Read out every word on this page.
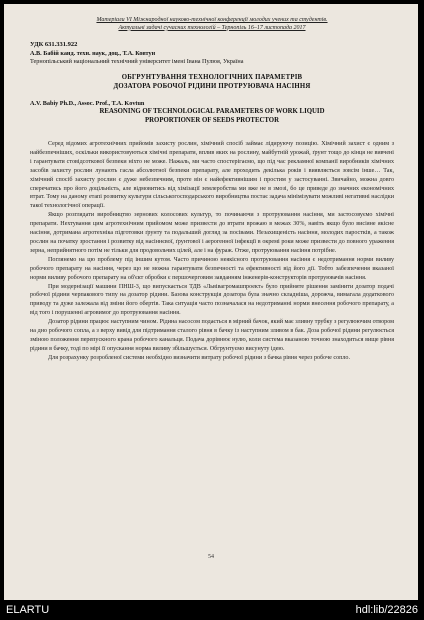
Матеріали VI Міжнародної науково-технічної конференції молодих учених та студентів.
Актуальні задачі сучасних технологій – Тернопіль 16–17 листопада 2017
УДК 631.331.922
А.В. Бабій канд. техн. наук, доц., Т.А. Ковтун
Тернопільський національний технічний університет імені Івана Пулюя, Україна
ОБГРУНТУВАННЯ ТЕХНОЛОГІЧНИХ ПАРАМЕТРІВ
ДОЗАТОРА РОБОЧОЇ РІДИНИ ПРОТРУЮВАЧА НАСІННЯ
A.V. Babiy Ph.D., Assoc. Prof., T.A. Kovtun
REASONING OF TECHNOLOGICAL PARAMETERS OF WORK LIQUID
PROPORTIONER OF SEEDS PROTECTOR

Серед відомих агротехнічних прийомів захисту рослин, хімічний спосіб займає лідируючу позицію. Хімічний захист є одним з найбезпечніших, оскільки використовуються хімічні препарати, вплив яких на рослину, майбутній урожай, ґрунт тощо до кінця не вивчені і гарантувати стовідсоткової безпеки ніхто не може. Нажаль, ми часто спостерігаємо, що під час рекламної компанії виробників хімічних засобів захисту рослин лунають гасла абсолютної безпеки препарату, але проходить декілька років і виявляється зовсім інше… Так, хімічний спосіб захисту рослин є дуже небезпечним, проте він є найефективнішим і простим у застосуванні. Звичайно, можна довго сперечатись про його доцільність, але відмовитись від хімізації землеробства ми вже не в змозі, бо це приведе до значних економічних втрат. Тому на даному етапі розвитку культури сільськогосподарського виробництва постає задача мінімізувати можливі негативні наслідки такої технологічної операції.

Якщо розглядати виробництво зернових колосових культур, то починаючи з протруювання насіння, ми застосовуємо хімічні препарати. Нехтування цим агротехнічним прийомом може призвести до втрати врожаю в межах 30%, навіть якщо було висіяне якісне насіння, дотримана агротехніка підготовки ґрунту та подальший догляд за посівами. Незахищеність насіння, молодих паростків, а також рослин на початку зростання і розвитку від насіннєвої, ґрунтової і аерогенної інфекції в окремі роки може призвести до повного ураження зерна, неприйнятного потім не тільки для продовольчих цілей, але і на фураж. Отже, протруювання насіння потрібне.

Поглянемо на цю проблему під іншим кутом. Часто причиною неякісного протруювання насіння є недотримання норми виливу робочого препарату на насіння, через що не можна гарантувати безпечності та ефективності від його дії. Тобто забезпечення вказаної норми виливу робочого препарату на об'єкт обробки є першочерговим завданням інженерів-конструкторів протруювачів насіння.

При модернізації машини ПНШ-3, що випускається ТДВ «Львівагромашпроект» було прийняте рішення замінити дозатор подачі робочої рідини черпакового типу на дозатор рідини. Базова конструкція дозатора була значно складніша, дорожча, вимагала додаткового приводу та дуже залежала від зміни його обертів. Така ситуація часто позначалася на недотриманні норми внесення робочого препарату, а від того і порушенні агровимог до протруювання насіння.

Дозатор рідини працює наступним чином. Рідина насосом подається в мірний бачок, який має зливну трубку з регулюючим отвором на дно робочого сопла, а з верху вивід для підтримання сталого рівня в бачку із наступним зливом в бак. Доза робочої рідини регулюється зміною положення перепускного крана робочого канальця. Подача дорівнює нулю, коли система вказаною точною знаходиться вище рівня рідини в бачку, тоді по мірі її опускання норма виливу збільшується. Обгрунтуємо висунуту ідею.

Для розрахунку розробленої системи необхідно визначити витрату робочої рідини з бачка рівня через робоче сопло.

54
ELARTU	hdl:lib/22826
